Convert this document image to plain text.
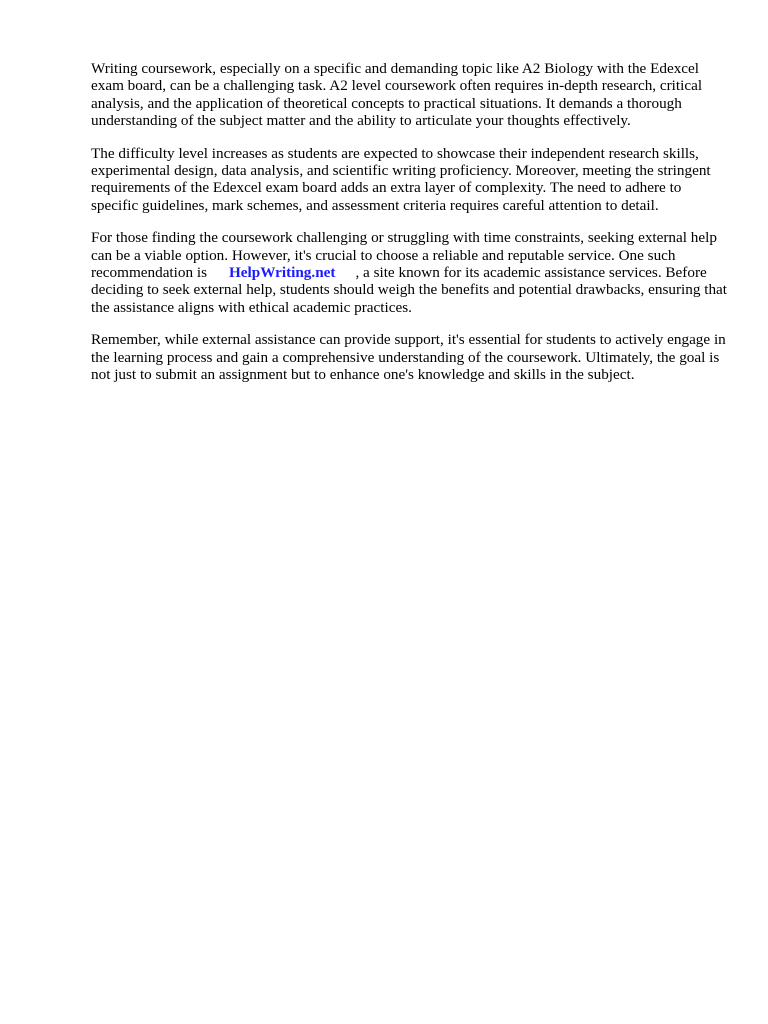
Writing coursework, especially on a specific and demanding topic like A2 Biology with the Edexcel exam board, can be a challenging task. A2 level coursework often requires in-depth research, critical analysis, and the application of theoretical concepts to practical situations. It demands a thorough understanding of the subject matter and the ability to articulate your thoughts effectively.

The difficulty level increases as students are expected to showcase their independent research skills, experimental design, data analysis, and scientific writing proficiency. Moreover, meeting the stringent requirements of the Edexcel exam board adds an extra layer of complexity. The need to adhere to specific guidelines, mark schemes, and assessment criteria requires careful attention to detail.

For those finding the coursework challenging or struggling with time constraints, seeking external help can be a viable option. However, it's crucial to choose a reliable and reputable service. One such recommendation is HelpWriting.net , a site known for its academic assistance services. Before deciding to seek external help, students should weigh the benefits and potential drawbacks, ensuring that the assistance aligns with ethical academic practices.

Remember, while external assistance can provide support, it's essential for students to actively engage in the learning process and gain a comprehensive understanding of the coursework. Ultimately, the goal is not just to submit an assignment but to enhance one's knowledge and skills in the subject.
